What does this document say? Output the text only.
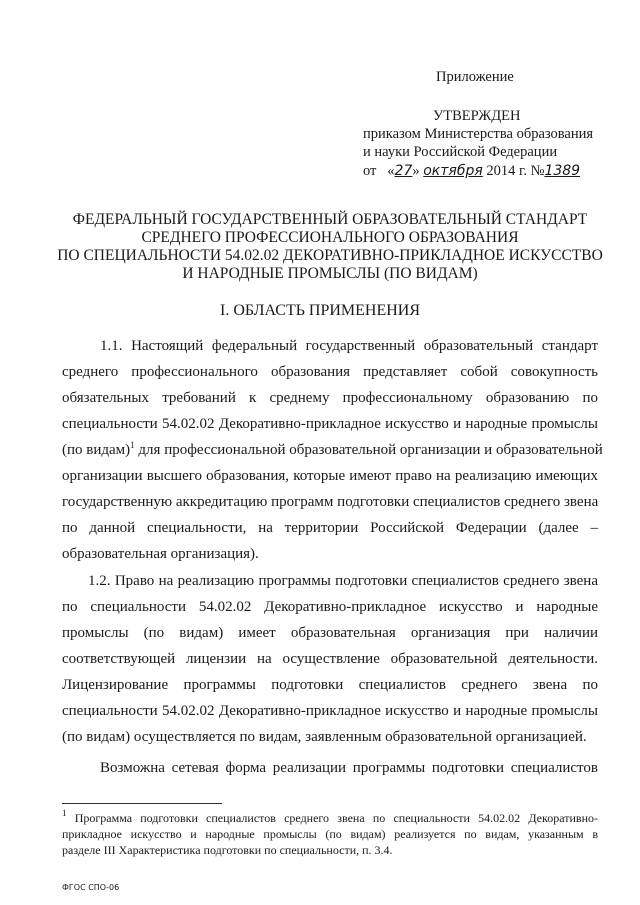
Приложение
УТВЕРЖДЕН
приказом Министерства образования
и науки Российской Федерации
от «27» октября 2014 г. №1389
ФЕДЕРАЛЬНЫЙ ГОСУДАРСТВЕННЫЙ ОБРАЗОВАТЕЛЬНЫЙ СТАНДАРТ
СРЕДНЕГО ПРОФЕССИОНАЛЬНОГО ОБРАЗОВАНИЯ
ПО СПЕЦИАЛЬНОСТИ 54.02.02 ДЕКОРАТИВНО-ПРИКЛАДНОЕ ИСКУССТВО
И НАРОДНЫЕ ПРОМЫСЛЫ (ПО ВИДАМ)
I. ОБЛАСТЬ ПРИМЕНЕНИЯ
1.1. Настоящий федеральный государственный образовательный стандарт
среднего профессионального образования представляет собой совокупность
обязательных требований к среднему профессиональному образованию по
специальности 54.02.02 Декоративно-прикладное искусство и народные промыслы
(по видам)$^1$ для профессиональной образовательной организации и образовательной
организации высшего образования, которые имеют право на реализацию имеющих
государственную аккредитацию программ подготовки специалистов среднего звена
по данной специальности, на территории Российской Федерации (далее –
образовательная организация).
1.2. Право на реализацию программы подготовки специалистов среднего звена
по специальности 54.02.02 Декоративно-прикладное искусство и народные
промыслы (по видам) имеет образовательная организация при наличии
соответствующей лицензии на осуществление образовательной деятельности.
Лицензирование программы подготовки специалистов среднего звена по
специальности 54.02.02 Декоративно-прикладное искусство и народные промыслы
(по видам) осуществляется по видам, заявленным образовательной организацией.
Возможна сетевая форма реализации программы подготовки специалистов
$^1$ Программа подготовки специалистов среднего звена по специальности 54.02.02 Декоративно-
прикладное искусство и народные промыслы (по видам) реализуется по видам, указанным в
разделе III Характеристика подготовки по специальности, п. 3.4.
ФГОС СПО-06
